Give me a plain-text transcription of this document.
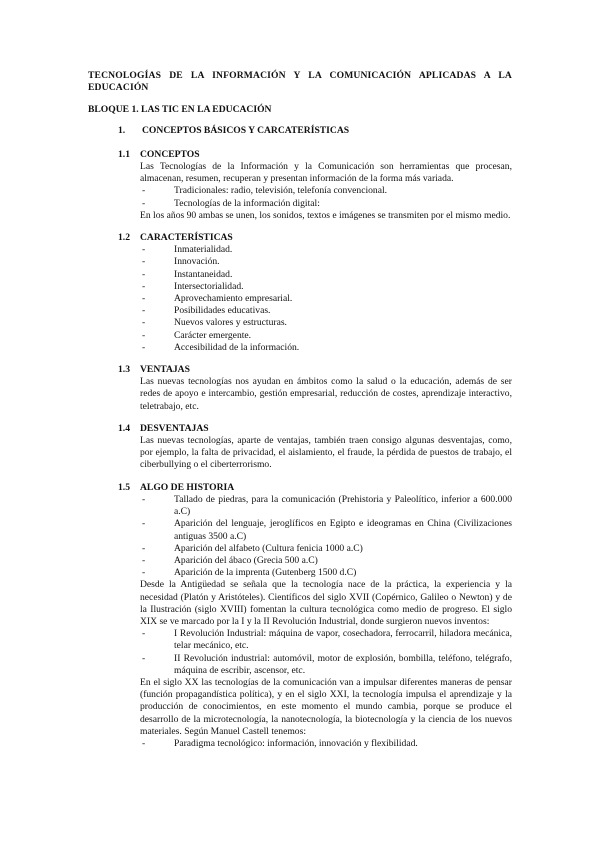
TECNOLOGÍAS DE LA INFORMACIÓN Y LA COMUNICACIÓN APLICADAS A LA EDUCACIÓN
BLOQUE 1. LAS TIC EN LA EDUCACIÓN
1. CONCEPTOS BÁSICOS Y CARCATERÍSTICAS
1.1 CONCEPTOS

Las Tecnologías de la Información y la Comunicación son herramientas que procesan, almacenan, resumen, recuperan y presentan información de la forma más variada.

- Tradicionales: radio, televisión, telefonía convencional.
- Tecnologías de la información digital:

En los años 90 ambas se unen, los sonidos, textos e imágenes se transmiten por el mismo medio.

1.2 CARACTERÍSTICAS
- Inmaterialidad.
- Innovación.
- Instantaneidad.
- Intersectorialidad.
- Aprovechamiento empresarial.
- Posibilidades educativas.
- Nuevos valores y estructuras.
- Carácter emergente.
- Accesibilidad de la información.
1.3 VENTAJAS

Las nuevas tecnologías nos ayudan en ámbitos como la salud o la educación, además de ser redes de apoyo e intercambio, gestión empresarial, reducción de costes, aprendizaje interactivo, teletrabajo, etc.

1.4 DESVENTAJAS

Las nuevas tecnologías, aparte de ventajas, también traen consigo algunas desventajas, como, por ejemplo, la falta de privacidad, el aislamiento, el fraude, la pérdida de puestos de trabajo, el ciberbullying o el ciberterrorismo.

1.5 ALGO DE HISTORIA
- Tallado de piedras, para la comunicación (Prehistoria y Paleolítico, inferior a 600.000 a.C)
- Aparición del lenguaje, jeroglíficos en Egipto e ideogramas en China (Civilizaciones antiguas 3500 a.C)
- Aparición del alfabeto (Cultura fenicia 1000 a.C)
- Aparición del ábaco (Grecia 500 a.C)
- Aparición de la imprenta (Gutenberg 1500 d.C)

Desde la Antigüedad se señala que la tecnología nace de la práctica, la experiencia y la necesidad (Platón y Aristóteles). Científicos del siglo XVII (Copérnico, Galileo o Newton) y de la Ilustración (siglo XVIII) fomentan la cultura tecnológica como medio de progreso. El siglo XIX se ve marcado por la I y la II Revolución Industrial, donde surgieron nuevos inventos:

- I Revolución Industrial: máquina de vapor, cosechadora, ferrocarril, hiladora mecánica, telar mecánico, etc.
- II Revolución industrial: automóvil, motor de explosión, bombilla, teléfono, telégrafo, máquina de escribir, ascensor, etc.

En el siglo XX las tecnologías de la comunicación van a impulsar diferentes maneras de pensar (función propagandística política), y en el siglo XXI, la tecnología impulsa el aprendizaje y la producción de conocimientos, en este momento el mundo cambia, porque se produce el desarrollo de la microtecnología, la nanotecnología, la biotecnología y la ciencia de los nuevos materiales. Según Manuel Castell tenemos:

- Paradigma tecnológico: información, innovación y flexibilidad.
